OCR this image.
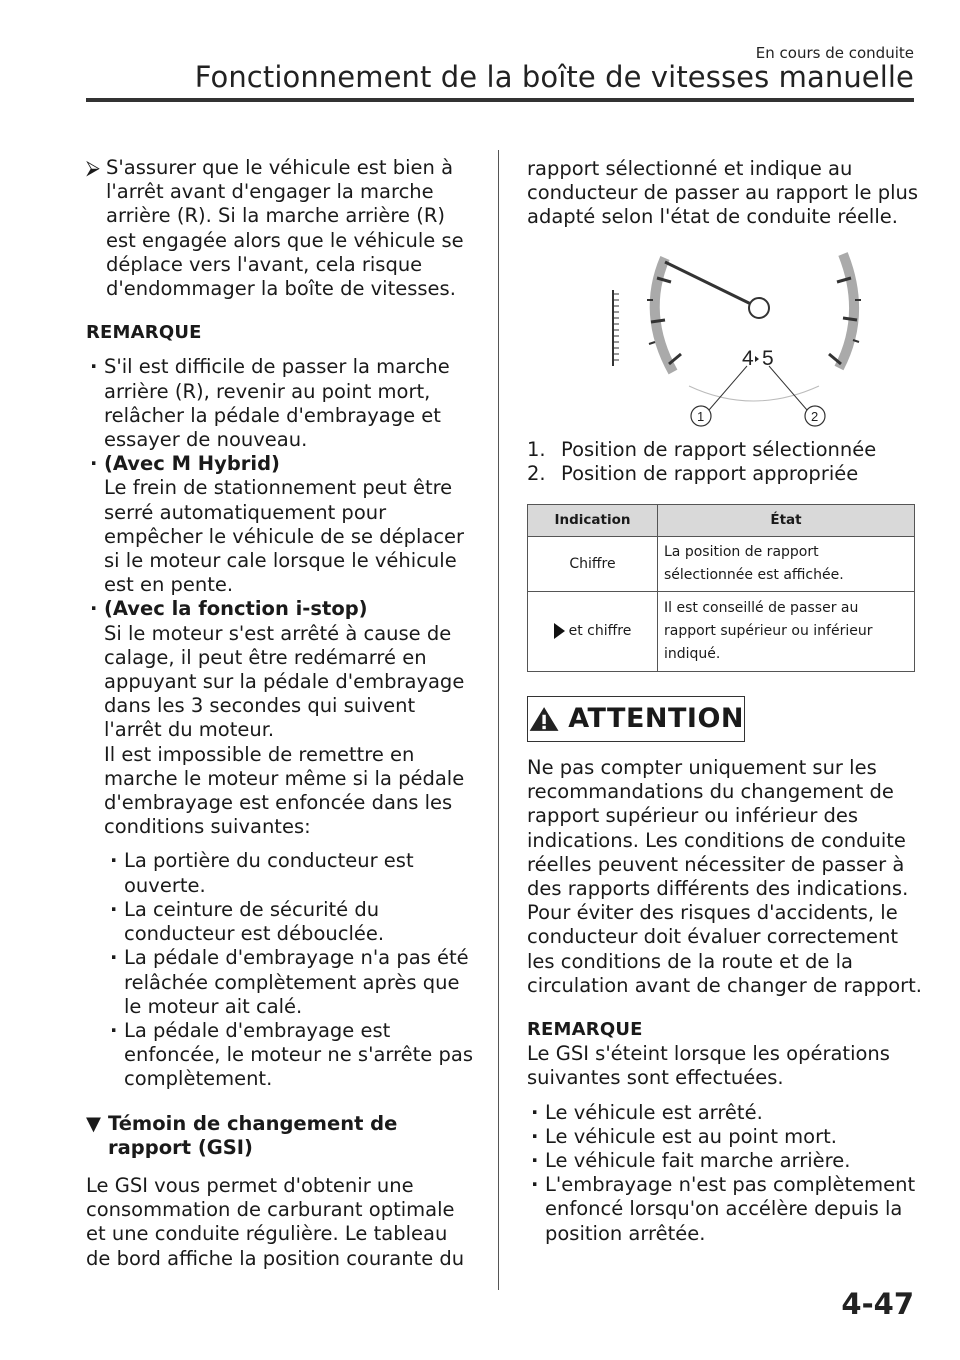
En cours de conduite
Fonctionnement de la boîte de vitesses manuelle

⮚ S'assurer que le véhicule est bien à l'arrêt avant d'engager la marche arrière (R). Si la marche arrière (R) est engagée alors que le véhicule se déplace vers l'avant, cela risque d'endommager la boîte de vitesses.

REMARQUE

· S'il est difficile de passer la marche arrière (R), revenir au point mort, relâcher la pédale d'embrayage et essayer de nouveau.

· (Avec M Hybrid)

Le frein de stationnement peut être serré automatiquement pour empêcher le véhicule de se déplacer si le moteur cale lorsque le véhicule est en pente.

· (Avec la fonction i-stop)

Si le moteur s'est arrêté à cause de calage, il peut être redémarré en appuyant sur la pédale d'embrayage dans les 3 secondes qui suivent l'arrêt du moteur.

Il est impossible de remettre en marche le moteur même si la pédale d'embrayage est enfoncée dans les conditions suivantes:

· La portière du conducteur est ouverte.

· La ceinture de sécurité du conducteur est débouclée.

· La pédale d'embrayage n'a pas été relâchée complètement après que le moteur ait calé.

· La pédale d'embrayage est enfoncée, le moteur ne s'arrête pas complètement.

▼ Témoin de changement de rapport (GSI)

Le GSI vous permet d'obtenir une consommation de carburant optimale et une conduite régulière. Le tableau de bord affiche la position courante du

rapport sélectionné et indique au conducteur de passer au rapport le plus adapté selon l'état de conduite réelle.

4 5
1	2

1. Position de rapport sélectionnée

2. Position de rapport appropriée

Indication	État
Chiffre	La position de rapport sélectionnée est affichée.
et chiffre	Il est conseillé de passer au rapport supérieur ou inférieur indiqué.
ATTENTION

Ne pas compter uniquement sur les recommandations du changement de rapport supérieur ou inférieur des indications. Les conditions de conduite réelles peuvent nécessiter de passer à des rapports différents des indications. Pour éviter des risques d'accidents, le conducteur doit évaluer correctement les conditions de la route et de la circulation avant de changer de rapport.

REMARQUE

Le GSI s'éteint lorsque les opérations suivantes sont effectuées.

· Le véhicule est arrêté.

· Le véhicule est au point mort.

· Le véhicule fait marche arrière.

· L'embrayage n'est pas complètement enfoncé lorsqu'on accélère depuis la position arrêtée.

4-47
